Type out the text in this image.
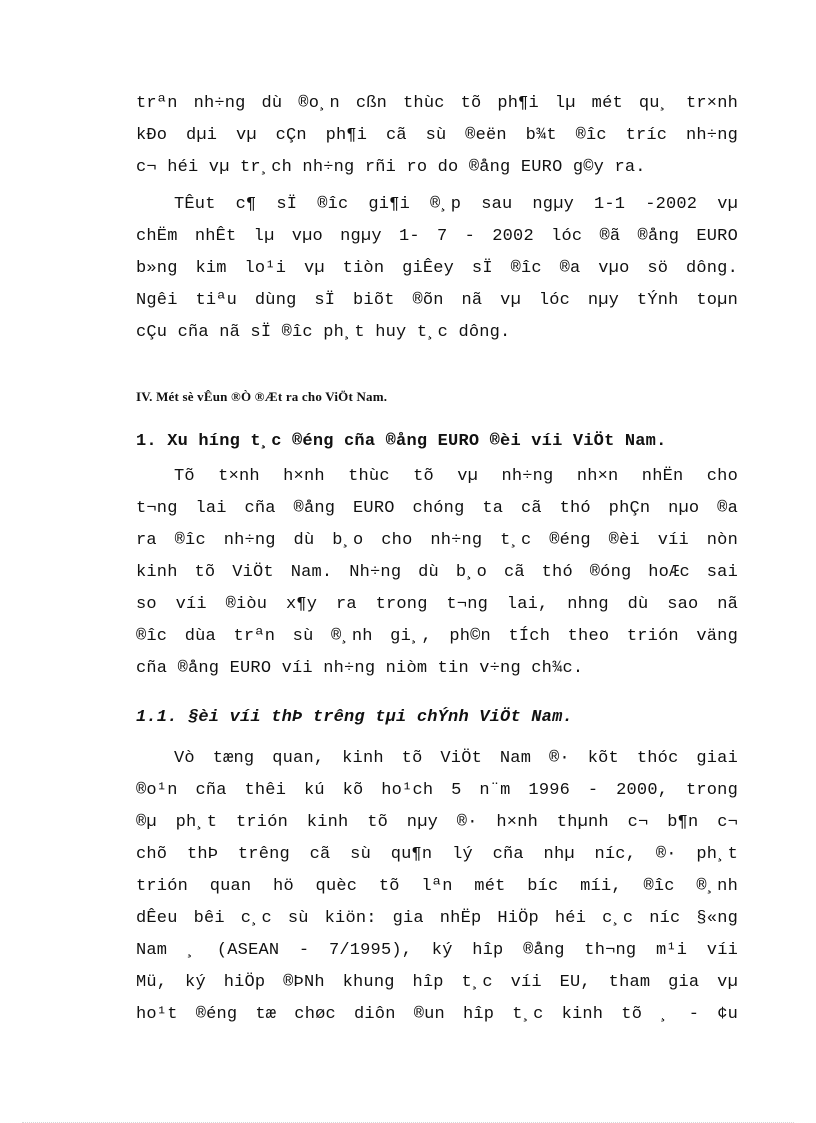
trªn nh÷ng dù ®o¸n cßn thùc tõ ph¶i lµ mét qu¸ tr×nh
kÐo dµi vµ cÇn ph¶i cã sù ®eën b¾t ®îc tríc nh÷ng
c¬ héi vµ tr¸ch nh÷ng rñi ro do ®ång EURO g©y ra.
TÊut c¶ sÏ ®îc gi¶i ®¸p sau ngµy 1-1 -2002 vµ
chËm nhÊt lµ vµo ngµy 1- 7 - 2002 lóc ®ã ®ång EURO
b»ng kim lo¹i vµ tiòn giÊey sÏ ®îc ®a vµo sö dông.
Ngêi tiªu dùng sÏ biõt ®õn nã vµ lóc nµy tÝnh toµn
cÇu cña nã sÏ ®îc ph¸t huy t¸c dông.
IV. Mét sè vÊun ®Ò ®Æt ra cho ViÖt Nam.
1. Xu híng t¸c ®éng cña ®ång EURO ®èi víi ViÖt Nam.
Tõ t×nh h×nh thùc tõ vµ nh÷ng nh×n nhËn cho
t¬ng lai cña ®ång EURO chóng ta cã thó phÇn nµo ®a
ra ®îc nh÷ng dù b¸o cho nh÷ng t¸c ®éng ®èi víi nòn
kinh tõ ViÖt Nam. Nh÷ng dù b¸o cã thó ®óng hoÆc sai
so víi ®iòu x¶y ra trong t¬ng lai, nhng dù sao nã
®îc dùa trªn sù ®¸nh gi¸, ph©n tÍch theo trión väng
cña ®ång EURO víi nh÷ng niòm tin v÷ng ch¾c.
1.1. §èi víi thÞ trêng tµi chÝnh ViÖt Nam.
Vò tæng quan, kinh tõ ViÖt Nam ®· kõt thóc giai
®o¹n cña thêi kú kõ ho¹ch 5 n¨m 1996 - 2000, trong
®µ ph¸t trión kinh tõ nµy ®· h×nh thµnh c¬ b¶n c¬
chõ thÞ trêng cã sù qu¶n lý cña nhµ níc, ®· ph¸t
trión quan hö quèc tõ lªn mét bíc míi, ®îc ®¸nh
dÊeu bêi c¸c sù kiön: gia nhËp HiÖp héi c¸c níc §«ng
Nam ¸ (ASEAN - 7/1995), ký hîp ®ång th¬ng m¹i víi
Mü, ký hiÖp ®ÞNh khung hîp t¸c víi EU, tham gia vµ
ho¹t ®éng tæ chøc diôn ®un hîp t¸c kinh tõ ¸ - ¢u
